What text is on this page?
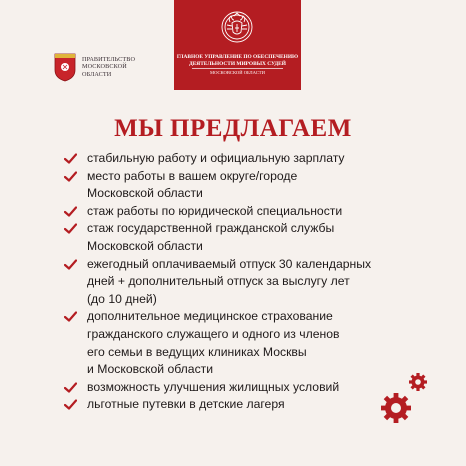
ПРАВИТЕЛЬСТВО
МОСКОВСКОЙ
ОБЛАСТИ
ГЛАВНОЕ УПРАВЛЕНИЕ ПО ОБЕСПЕЧЕНИЮ
ДЕЯТЕЛЬНОСТИ МИРОВЫХ СУДЕЙ
МОСКОВСКОЙ ОБЛАСТИ
МЫ ПРЕДЛАГАЕМ
стабильную работу и официальную зарплату
место работы в вашем округе/городе
Московской области
стаж работы по юридической специальности
стаж государственной гражданской службы
Московской области
ежегодный оплачиваемый отпуск 30 календарных
дней + дополнительный отпуск за выслугу лет
(до 10 дней)
дополнительное медицинское страхование
гражданского служащего и одного из членов
его семьи в ведущих клиниках Москвы
и Московской области
возможность улучшения жилищных условий
льготные путевки в детские лагеря
